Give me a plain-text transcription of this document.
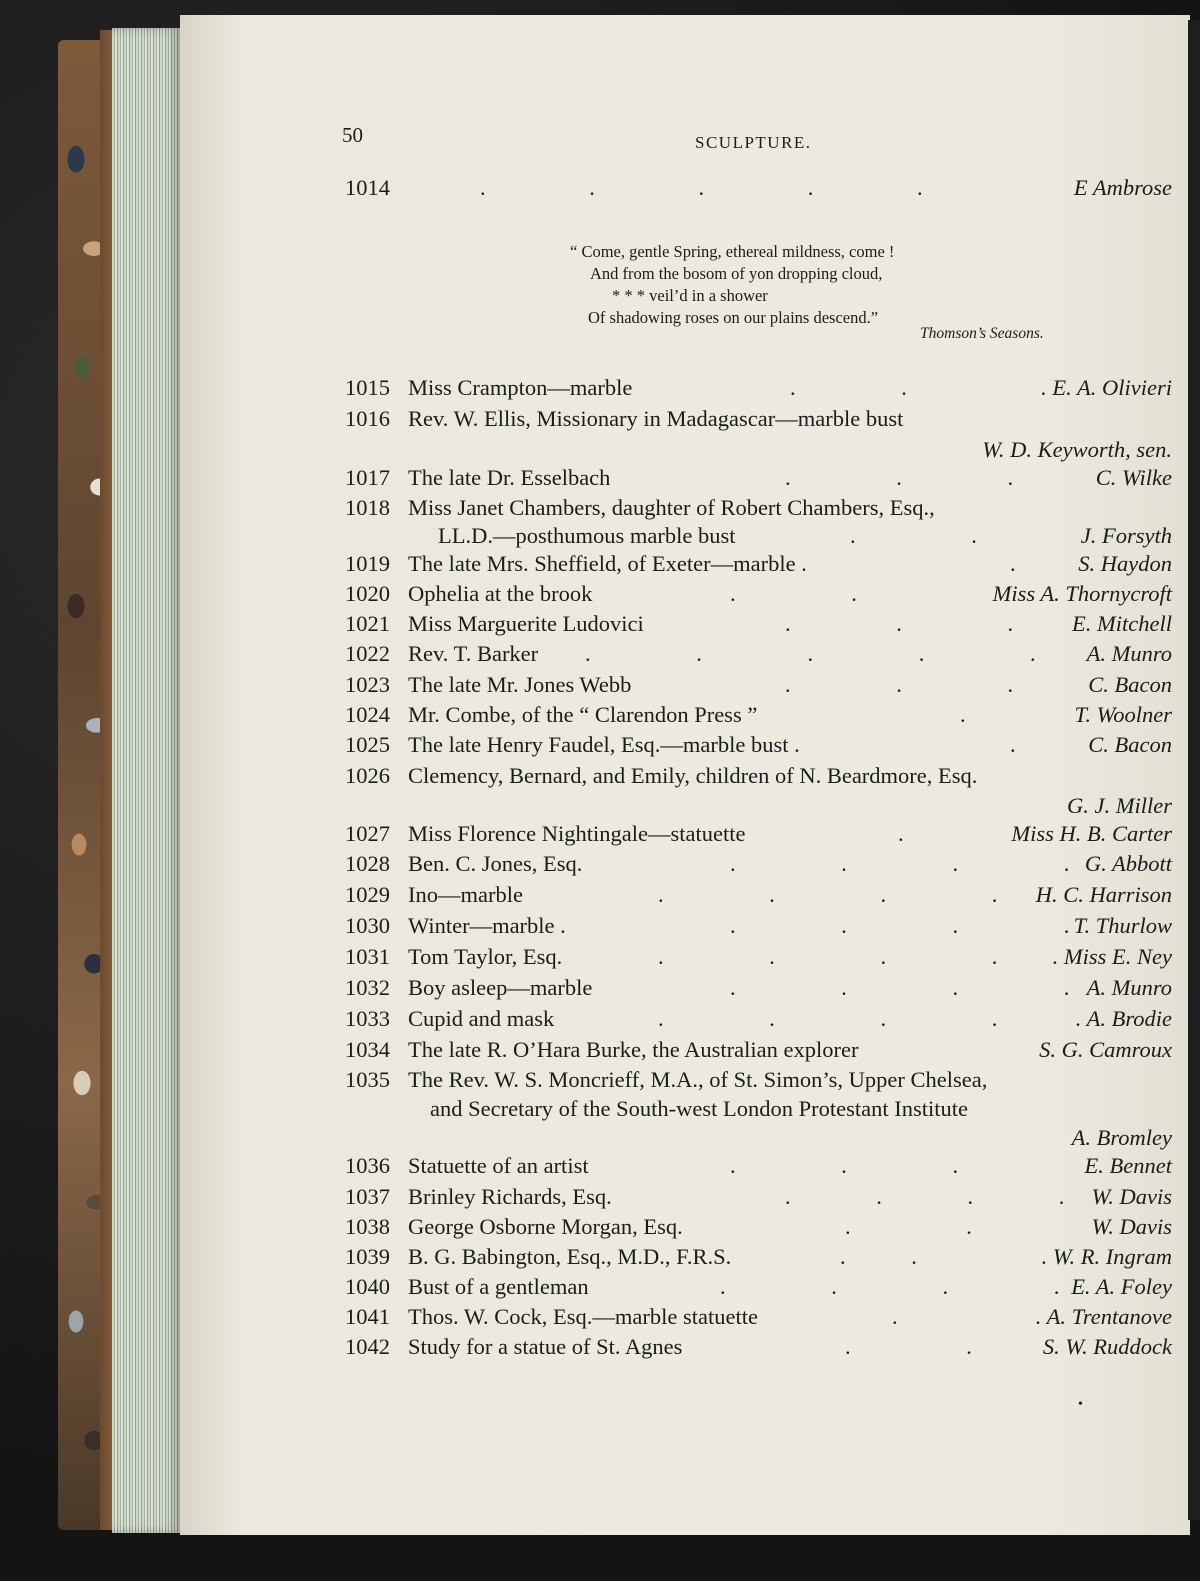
50	SCULPTURE.
1014	. . . . .	E Ambrose
“ Come, gentle Spring, ethereal mildness, come !
And from the bosom of yon dropping cloud,
* * * veil’d in a shower
Of shadowing roses on our plains descend.”
Thomson’s Seasons.
1015 Miss Crampton—marble	. .	. E. A. Olivieri
1016 Rev. W. Ellis, Missionary in Madagascar—marble bust
W. D. Keyworth, sen.
1017 The late Dr. Esselbach	. . .	C. Wilke
1018 Miss Janet Chambers, daughter of Robert Chambers, Esq.,
LL.D.—posthumous marble bust	. .	J. Forsyth
1019 The late Mrs. Sheffield, of Exeter—marble .	.	S. Haydon
1020 Ophelia at the brook	. .	Miss A. Thornycroft
1021 Miss Marguerite Ludovici	. . .	E. Mitchell
1022 Rev. T. Barker . . . . . A. Munro
1023 The late Mr. Jones Webb	. . .	C. Bacon
1024 Mr. Combe, of the “ Clarendon Press ”	.	T. Woolner
1025 The late Henry Faudel, Esq.—marble bust .	.	C. Bacon
1026 Clemency, Bernard, and Emily, children of N. Beardmore, Esq.
G. J. Miller
1027 Miss Florence Nightingale—statuette	.	Miss H. B. Carter
1028 Ben. C. Jones, Esq.	. . . . G. Abbott
1029 Ino—marble	. . . . H. C. Harrison
1030 Winter—marble .	. . . . T. Thurlow
1031 Tom Taylor, Esq.	. . . . . Miss E. Ney
1032 Boy asleep—marble	. . . . A. Munro
1033 Cupid and mask	. . . .	. A. Brodie
1034 The late R. O’Hara Burke, the Australian explorer	S. G. Camroux
1035 The Rev. W. S. Moncrieff, M.A., of St. Simon’s, Upper Chelsea,
and Secretary of the South-west London Protestant Institute
A. Bromley
1036 Statuette of an artist	. . .	E. Bennet
1037 Brinley Richards, Esq.	. . . . W. Davis
1038 George Osborne Morgan, Esq.	. .	W. Davis
1039 B. G. Babington, Esq., M.D., F.R.S.	. .	. W. R. Ingram
1040 Bust of a gentleman	. . . . E. A. Foley
1041 Thos. W. Cock, Esq.—marble statuette	.	. A. Trentanove
1042 Study for a statue of St. Agnes	. .	S. W. Ruddock
•
